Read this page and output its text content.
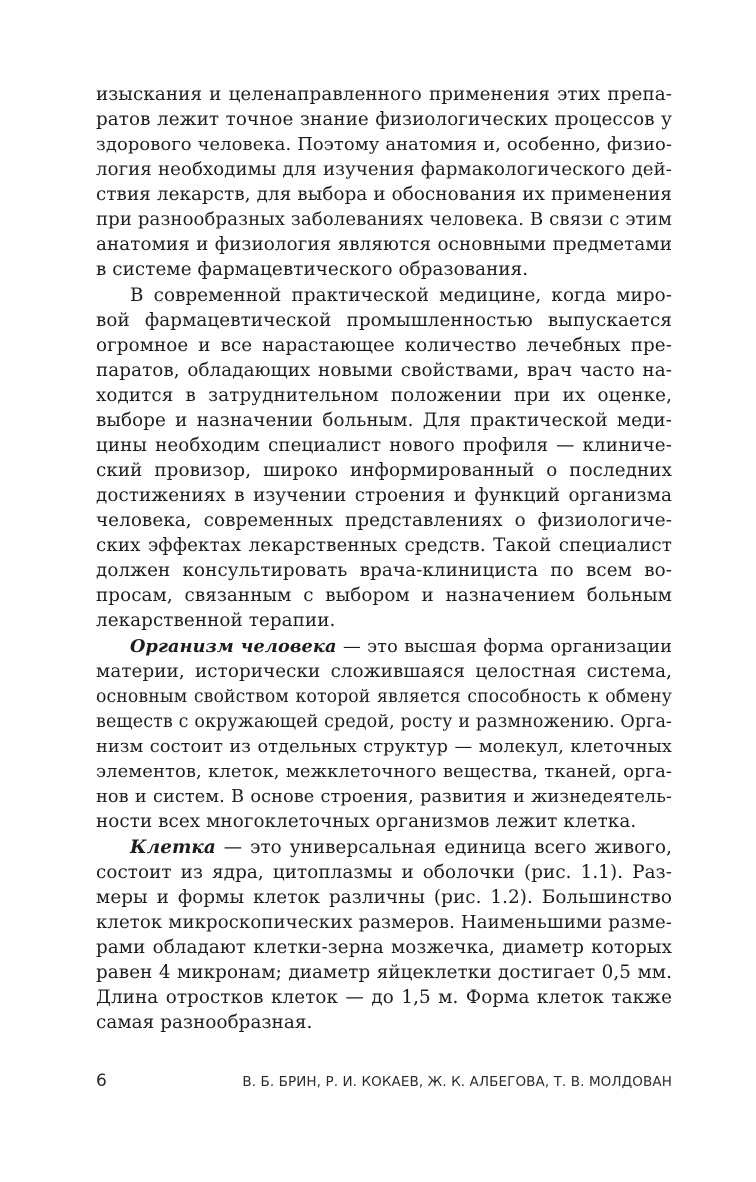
изыскания и целенаправленного применения этих препа-
ратов лежит точное знание физиологических процессов у
здорового человека. Поэтому анатомия и, особенно, физио-
логия необходимы для изучения фармакологического дей-
ствия лекарств, для выбора и обоснования их применения
при разнообразных заболеваниях человека. В связи с этим
анатомия и физиология являются основными предметами
в системе фармацевтического образования.
В современной практической медицине, когда миро-
вой фармацевтической промышленностью выпускается
огромное и все нарастающее количество лечебных пре-
паратов, обладающих новыми свойствами, врач часто на-
ходится в затруднительном положении при их оценке,
выборе и назначении больным. Для практической меди-
цины необходим специалист нового профиля — клиниче-
ский провизор, широко информированный о последних
достижениях в изучении строения и функций организма
человека, современных представлениях о физиологиче-
ских эффектах лекарственных средств. Такой специалист
должен консультировать врача-клинициста по всем во-
просам, связанным с выбором и назначением больным
лекарственной терапии.
Организм человека — это высшая форма организации
материи, исторически сложившаяся целостная система,
основным свойством которой является способность к обмену
веществ с окружающей средой, росту и размножению. Орга-
низм состоит из отдельных структур — молекул, клеточных
элементов, клеток, межклеточного вещества, тканей, орга-
нов и систем. В основе строения, развития и жизнедеятель-
ности всех многоклеточных организмов лежит клетка.
Клетка — это универсальная единица всего живого,
состоит из ядра, цитоплазмы и оболочки (рис. 1.1). Раз-
меры и формы клеток различны (рис. 1.2). Большинство
клеток микроскопических размеров. Наименьшими разме-
рами обладают клетки-зерна мозжечка, диаметр которых
равен 4 микронам; диаметр яйцеклетки достигает 0,5 мм.
Длина отростков клеток — до 1,5 м. Форма клеток также
самая разнообразная.
6	В. Б. БРИН, Р. И. КОКАЕВ, Ж. К. АЛБЕГОВА, Т. В. МОЛДОВАН
